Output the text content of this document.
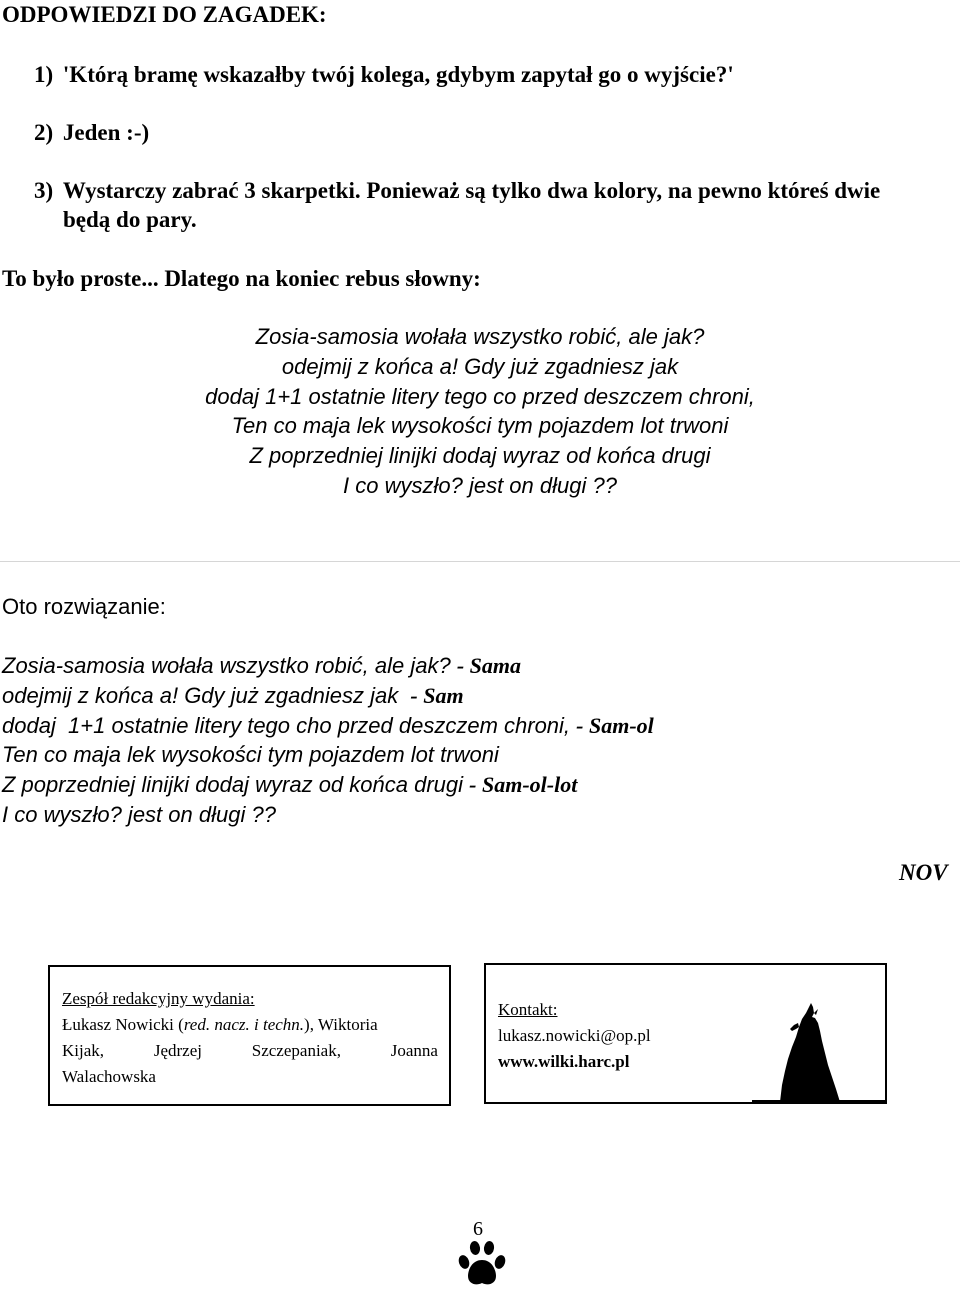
ODPOWIEDZI DO ZAGADEK:
1) 'Którą bramę wskazałby twój kolega, gdybym zapytał go o wyjście?'
2) Jeden :-)
3) Wystarczy zabrać 3 skarpetki. Ponieważ są tylko dwa kolory, na pewno któreś dwie
będą do pary.
To było proste... Dlatego na koniec rebus słowny:
Zosia-samosia wołała wszystko robić, ale jak?
odejmij z końca a! Gdy już zgadniesz jak
dodaj 1+1 ostatnie litery tego co przed deszczem chroni,
Ten co maja lek wysokości tym pojazdem lot trwoni
Z poprzedniej linijki dodaj wyraz od końca drugi
I co wyszło? jest on długi ??
Oto rozwiązanie:
Zosia-samosia wołała wszystko robić, ale jak? - Sama
odejmij z końca a! Gdy już zgadniesz jak  - Sam
dodaj  1+1 ostatnie litery tego cho przed deszczem chroni, - Sam-ol
Ten co maja lek wysokości tym pojazdem lot trwoni
Z poprzedniej linijki dodaj wyraz od końca drugi - Sam-ol-lot
I co wyszło? jest on długi ??
NOV
Zespół redakcyjny wydania:
Łukasz Nowicki (red. nacz. i techn.), Wiktoria
Kijak,	Jędrzej	Szczepaniak,	Joanna
Walachowska
Kontakt:
lukasz.nowicki@op.pl
www.wilki.harc.pl
6
